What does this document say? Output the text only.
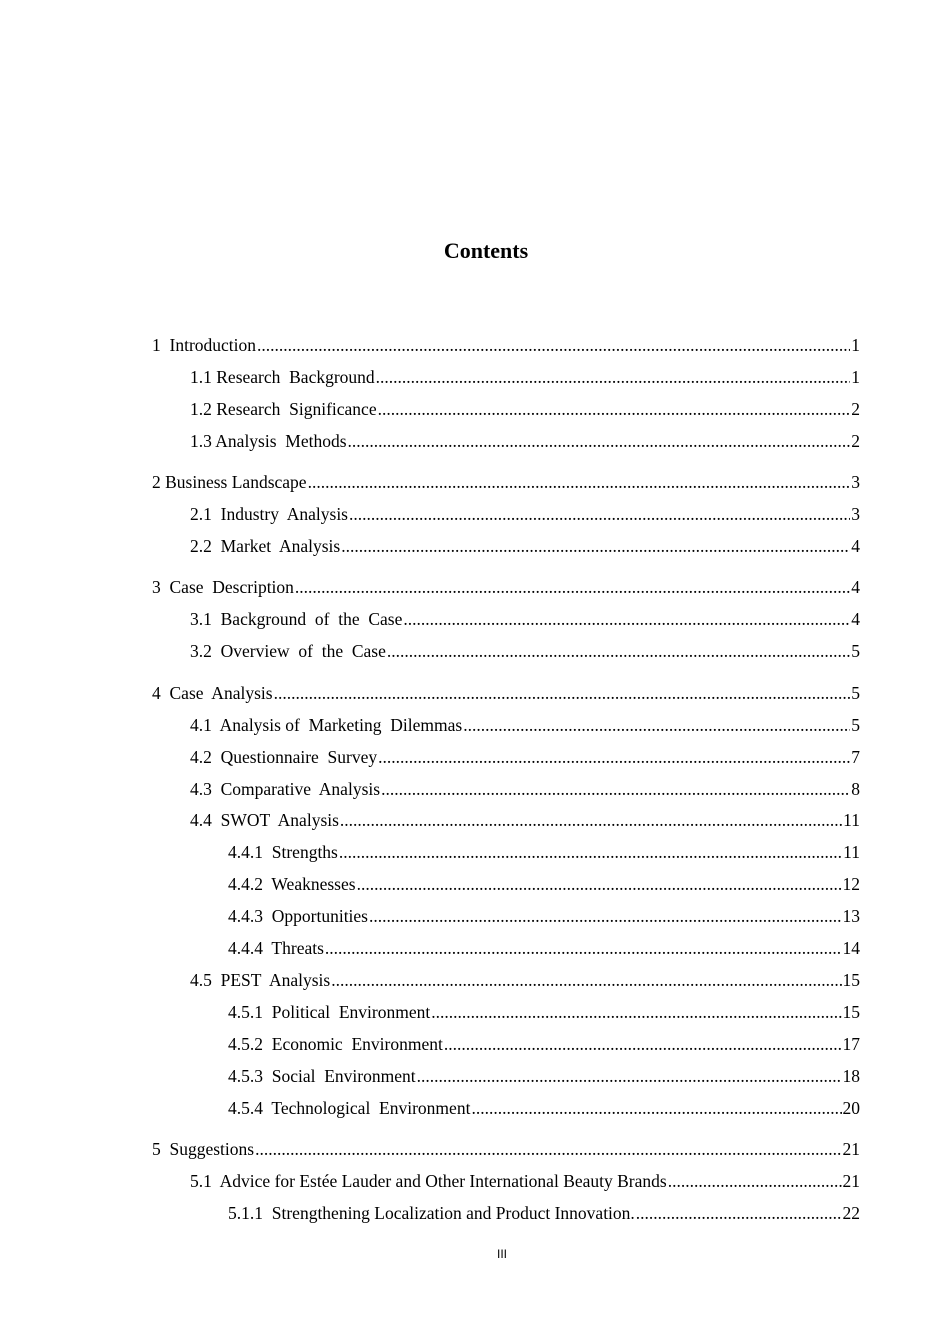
Contents
1  Introduction .....	1
1.1 Research  Background .....	1
1.2 Research  Significance .....	2
1.3 Analysis  Methods .....	2
2 Business Landscape .....	3
2.1  Industry  Analysis .....	3
2.2  Market  Analysis .....	4
3  Case  Description .....	4
3.1  Background  of  the  Case .....	4
3.2  Overview  of  the  Case .....	5
4  Case  Analysis .....	5
4.1  Analysis of  Marketing  Dilemmas .....	5
4.2  Questionnaire  Survey .....	7
4.3  Comparative  Analysis .....	8
4.4  SWOT  Analysis .....	11
4.4.1  Strengths .....	11
4.4.2  Weaknesses .....	12
4.4.3  Opportunities .....	13
4.4.4  Threats .....	14
4.5  PEST  Analysis .....	15
4.5.1  Political  Environment .....	15
4.5.2  Economic  Environment .....	17
4.5.3  Social  Environment .....	18
4.5.4  Technological  Environment .....	20
5  Suggestions .....	21
5.1  Advice for Estée Lauder and Other International Beauty Brands .....	21
5.1.1  Strengthening Localization and Product Innovation. .....	22
III
